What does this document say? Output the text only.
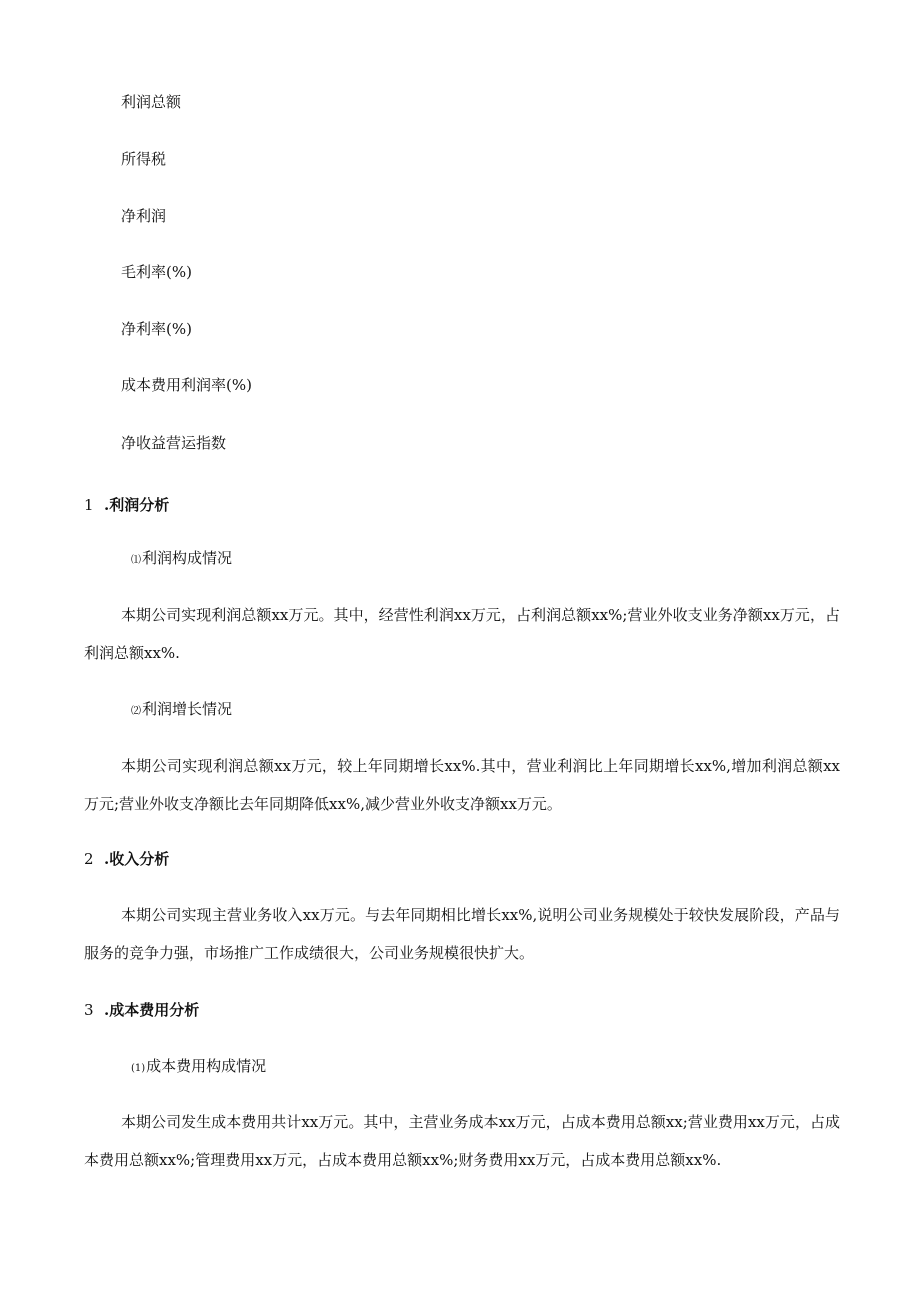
利润总额
所得税
净利润
毛利率(%)
净利率(%)
成本费用利润率(%)
净收益营运指数
1 .利润分析
⑴利润构成情况
本期公司实现利润总额xx万元。其中，经营性利润xx万元，占利润总额xx%;营业外收支业务净额xx万元，占利润总额xx%.
⑵利润增长情况
本期公司实现利润总额xx万元，较上年同期增长xx%.其中，营业利润比上年同期增长xx%,增加利润总额xx万元;营业外收支净额比去年同期降低xx%,减少营业外收支净额xx万元。
2 .收入分析
本期公司实现主营业务收入xx万元。与去年同期相比增长xx%,说明公司业务规模处于较快发展阶段，产品与服务的竞争力强，市场推广工作成绩很大，公司业务规模很快扩大。
3 .成本费用分析
(1)成本费用构成情况
本期公司发生成本费用共计xx万元。其中，主营业务成本xx万元，占成本费用总额xx;营业费用xx万元，占成本费用总额xx%;管理费用xx万元，占成本费用总额xx%;财务费用xx万元，占成本费用总额xx%.
